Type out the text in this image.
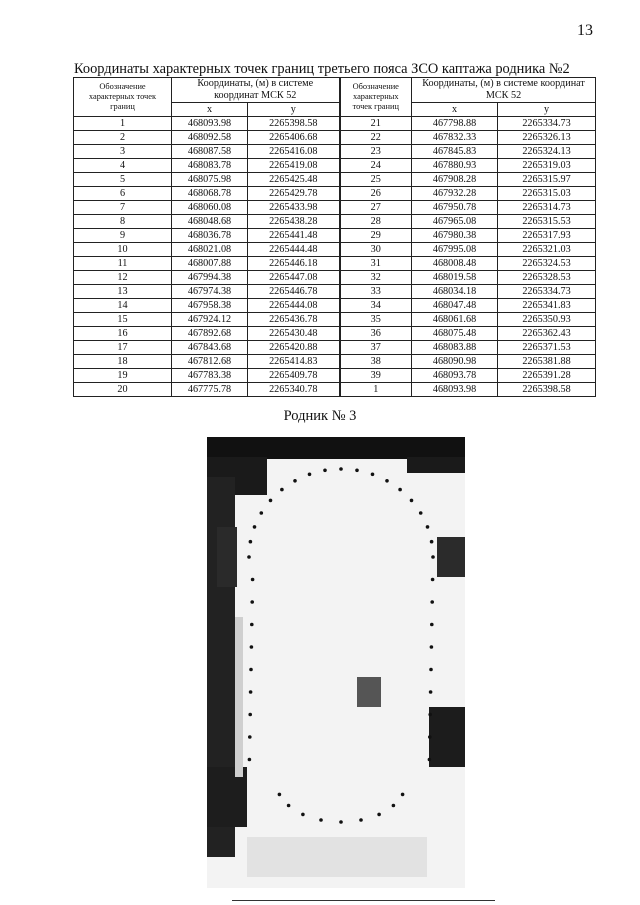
13
Координаты характерных точек границ третьего пояса ЗСО каптажа родника №2
Обозначение характерных точек границ	Координаты, (м) в системе координат МСК 52		Обозначение характерных точек границ	Координаты, (м) в системе координат МСК 52	
	x	y		x	y
1	468093.98	2265398.58	21	467798.88	2265334.73
2	468092.58	2265406.68	22	467832.33	2265326.13
3	468087.58	2265416.08	23	467845.83	2265324.13
4	468083.78	2265419.08	24	467880.93	2265319.03
5	468075.98	2265425.48	25	467908.28	2265315.97
6	468068.78	2265429.78	26	467932.28	2265315.03
7	468060.08	2265433.98	27	467950.78	2265314.73
8	468048.68	2265438.28	28	467965.08	2265315.53
9	468036.78	2265441.48	29	467980.38	2265317.93
10	468021.08	2265444.48	30	467995.08	2265321.03
11	468007.88	2265446.18	31	468008.48	2265324.53
12	467994.38	2265447.08	32	468019.58	2265328.53
13	467974.38	2265446.78	33	468034.18	2265334.73
14	467958.38	2265444.08	34	468047.48	2265341.83
15	467924.12	2265436.78	35	468061.68	2265350.93
16	467892.68	2265430.48	36	468075.48	2265362.43
17	467843.68	2265420.88	37	468083.88	2265371.53
18	467812.68	2265414.83	38	468090.98	2265381.88
19	467783.38	2265409.78	39	468093.78	2265391.28
20	467775.78	2265340.78	1	468093.98	2265398.58
Родник № 3
